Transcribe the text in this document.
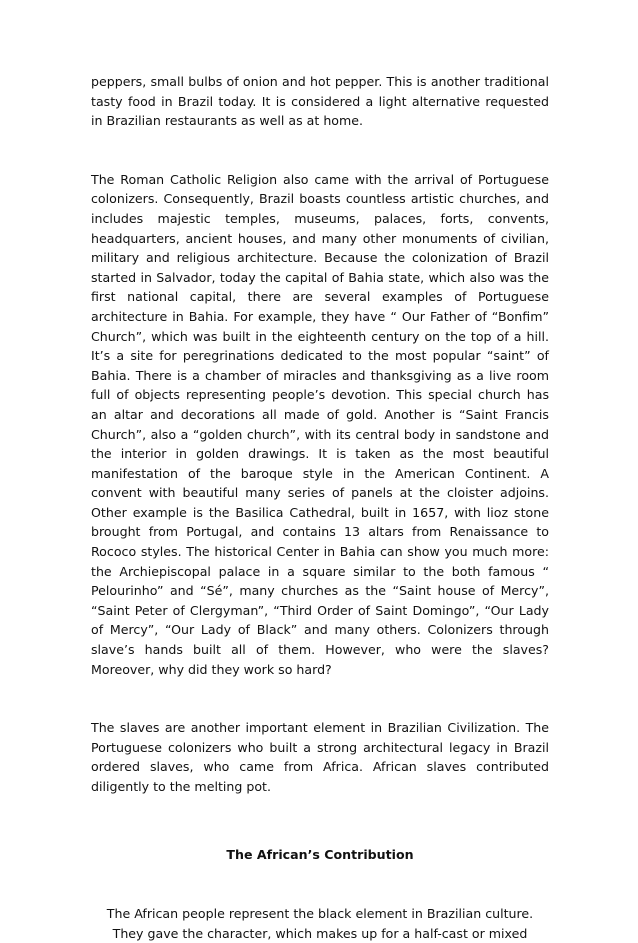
peppers, small bulbs of onion and hot pepper. This is another traditional tasty food in Brazil today. It is considered a light alternative requested in Brazilian restaurants as well as at home.

The Roman Catholic Religion also came with the arrival of Portuguese colonizers. Consequently, Brazil boasts countless artistic churches, and includes majestic temples, museums, palaces, forts, convents, headquarters, ancient houses, and many other monuments of civilian, military and religious architecture. Because the colonization of Brazil started in Salvador, today the capital of Bahia state, which also was the first national capital, there are several examples of Portuguese architecture in Bahia. For example, they have “ Our Father of “Bonfim” Church”, which was built in the eighteenth century on the top of a hill. It’s a site for peregrinations dedicated to the most popular “saint” of Bahia. There is a chamber of miracles and thanksgiving as a live room full of objects representing people’s devotion. This special church has an altar and decorations all made of gold. Another is “Saint Francis Church”, also a “golden church”, with its central body in sandstone and the interior in golden drawings. It is taken as the most beautiful manifestation of the baroque style in the American Continent. A convent with beautiful many series of panels at the cloister adjoins. Other example is the Basilica Cathedral, built in 1657, with lioz stone brought from Portugal, and contains 13 altars from Renaissance to Rococo styles. The historical Center in Bahia can show you much more: the Archiepiscopal palace in a square similar to the both famous “ Pelourinho” and “Sé”, many churches as the “Saint house of Mercy”, “Saint Peter of Clergyman”, “Third Order of Saint Domingo”, “Our Lady of Mercy”, “Our Lady of Black” and many others. Colonizers through slave’s hands built all of them. However, who were the slaves? Moreover, why did they work so hard?

The slaves are another important element in Brazilian Civilization. The Portuguese colonizers who built a strong architectural legacy in Brazil ordered slaves, who came from Africa. African slaves contributed diligently to the melting pot.

The African’s Contribution

The African people represent the black element in Brazilian culture. They gave the character, which makes up for a half-cast or mixed
